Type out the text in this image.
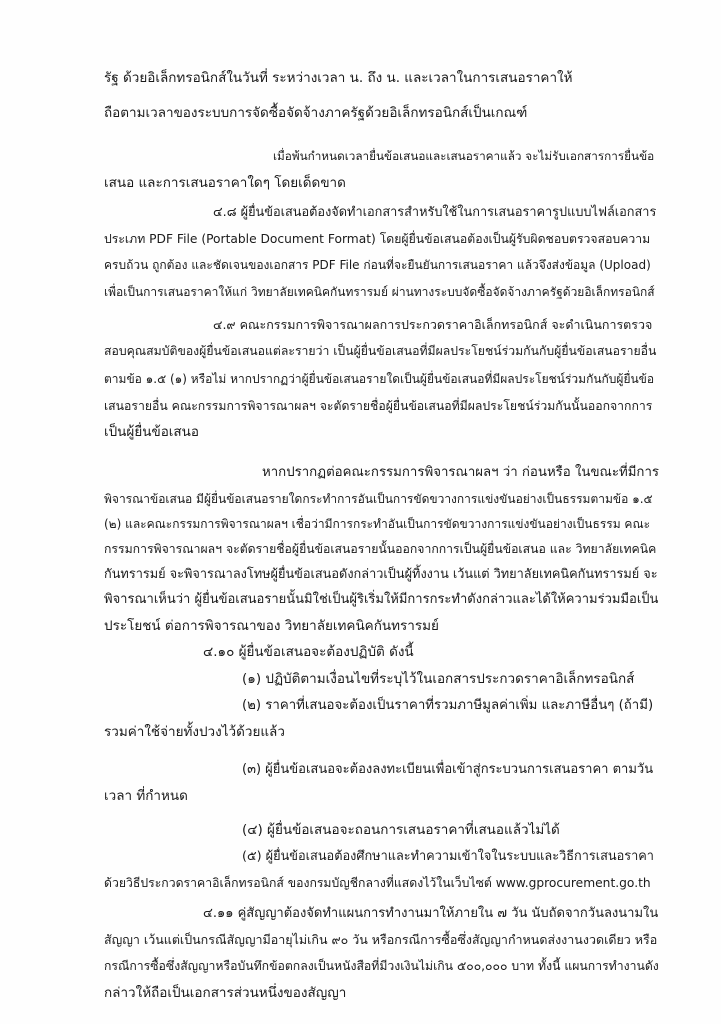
รัฐ ด้วยอิเล็กทรอนิกส์ในวันที่ ระหว่างเวลา น. ถึง น. และเวลาในการเสนอราคาให้
ถือตามเวลาของระบบการจัดซื้อจัดจ้างภาครัฐด้วยอิเล็กทรอนิกส์เป็นเกณฑ์
เมื่อพ้นกำหนดเวลายื่นข้อเสนอและเสนอราคาแล้ว จะไม่รับเอกสารการยื่นข้อ
เสนอ และการเสนอราคาใดๆ โดยเด็ดขาด
๔.๘ ผู้ยื่นข้อเสนอต้องจัดทำเอกสารสำหรับใช้ในการเสนอราคารูปแบบไฟล์เอกสาร
ประเภท PDF File (Portable Document Format) โดยผู้ยื่นข้อเสนอต้องเป็นผู้รับผิดชอบตรวจสอบความ
ครบถ้วน ถูกต้อง และชัดเจนของเอกสาร PDF File ก่อนที่จะยืนยันการเสนอราคา แล้วจึงส่งข้อมูล (Upload)
เพื่อเป็นการเสนอราคาให้แก่ วิทยาลัยเทคนิคกันทรารมย์ ผ่านทางระบบจัดซื้อจัดจ้างภาครัฐด้วยอิเล็กทรอนิกส์
๔.๙ คณะกรรมการพิจารณาผลการประกวดราคาอิเล็กทรอนิกส์ จะดำเนินการตรวจ
สอบคุณสมบัติของผู้ยื่นข้อเสนอแต่ละรายว่า เป็นผู้ยื่นข้อเสนอที่มีผลประโยชน์ร่วมกันกับผู้ยื่นข้อเสนอรายอื่น
ตามข้อ ๑.๕ (๑) หรือไม่ หากปรากฏว่าผู้ยื่นข้อเสนอรายใดเป็นผู้ยื่นข้อเสนอที่มีผลประโยชน์ร่วมกันกับผู้ยื่นข้อ
เสนอรายอื่น คณะกรรมการพิจารณาผลฯ จะตัดรายชื่อผู้ยื่นข้อเสนอที่มีผลประโยชน์ร่วมกันนั้นออกจากการ
เป็นผู้ยื่นข้อเสนอ
หากปรากฏต่อคณะกรรมการพิจารณาผลฯ ว่า ก่อนหรือ ในขณะที่มีการ
พิจารณาข้อเสนอ มีผู้ยื่นข้อเสนอรายใดกระทำการอันเป็นการขัดขวางการแข่งขันอย่างเป็นธรรมตามข้อ ๑.๕
(๒) และคณะกรรมการพิจารณาผลฯ เชื่อว่ามีการกระทำอันเป็นการขัดขวางการแข่งขันอย่างเป็นธรรม คณะ
กรรมการพิจารณาผลฯ จะตัดรายชื่อผู้ยื่นข้อเสนอรายนั้นออกจากการเป็นผู้ยื่นข้อเสนอ และ วิทยาลัยเทคนิค
กันทรารมย์ จะพิจารณาลงโทษผู้ยื่นข้อเสนอดังกล่าวเป็นผู้ทิ้งงาน เว้นแต่ วิทยาลัยเทคนิคกันทรารมย์ จะ
พิจารณาเห็นว่า ผู้ยื่นข้อเสนอรายนั้นมิใช่เป็นผู้ริเริ่มให้มีการกระทำดังกล่าวและได้ให้ความร่วมมือเป็น
ประโยชน์ ต่อการพิจารณาของ วิทยาลัยเทคนิคกันทรารมย์
๔.๑๐ ผู้ยื่นข้อเสนอจะต้องปฏิบัติ ดังนี้
(๑) ปฏิบัติตามเงื่อนไขที่ระบุไว้ในเอกสารประกวดราคาอิเล็กทรอนิกส์
(๒) ราคาที่เสนอจะต้องเป็นราคาที่รวมภาษีมูลค่าเพิ่ม และภาษีอื่นๆ (ถ้ามี)
รวมค่าใช้จ่ายทั้งปวงไว้ด้วยแล้ว
(๓) ผู้ยื่นข้อเสนอจะต้องลงทะเบียนเพื่อเข้าสู่กระบวนการเสนอราคา ตามวัน
เวลา ที่กำหนด
(๔) ผู้ยื่นข้อเสนอจะถอนการเสนอราคาที่เสนอแล้วไม่ได้
(๕) ผู้ยื่นข้อเสนอต้องศึกษาและทำความเข้าใจในระบบและวิธีการเสนอราคา
ด้วยวิธีประกวดราคาอิเล็กทรอนิกส์ ของกรมบัญชีกลางที่แสดงไว้ในเว็บไซต์ www.gprocurement.go.th
๔.๑๑ คู่สัญญาต้องจัดทำแผนการทำงานมาให้ภายใน ๗ วัน นับถัดจากวันลงนามใน
สัญญา เว้นแต่เป็นกรณีสัญญามีอายุไม่เกิน ๙๐ วัน หรือกรณีการซื้อซึ่งสัญญากำหนดส่งงานงวดเดียว หรือ
กรณีการซื้อซึ่งสัญญาหรือบันทึกข้อตกลงเป็นหนังสือที่มีวงเงินไม่เกิน ๕๐๐,๐๐๐ บาท ทั้งนี้ แผนการทำงานดัง
กล่าวให้ถือเป็นเอกสารส่วนหนึ่งของสัญญา
